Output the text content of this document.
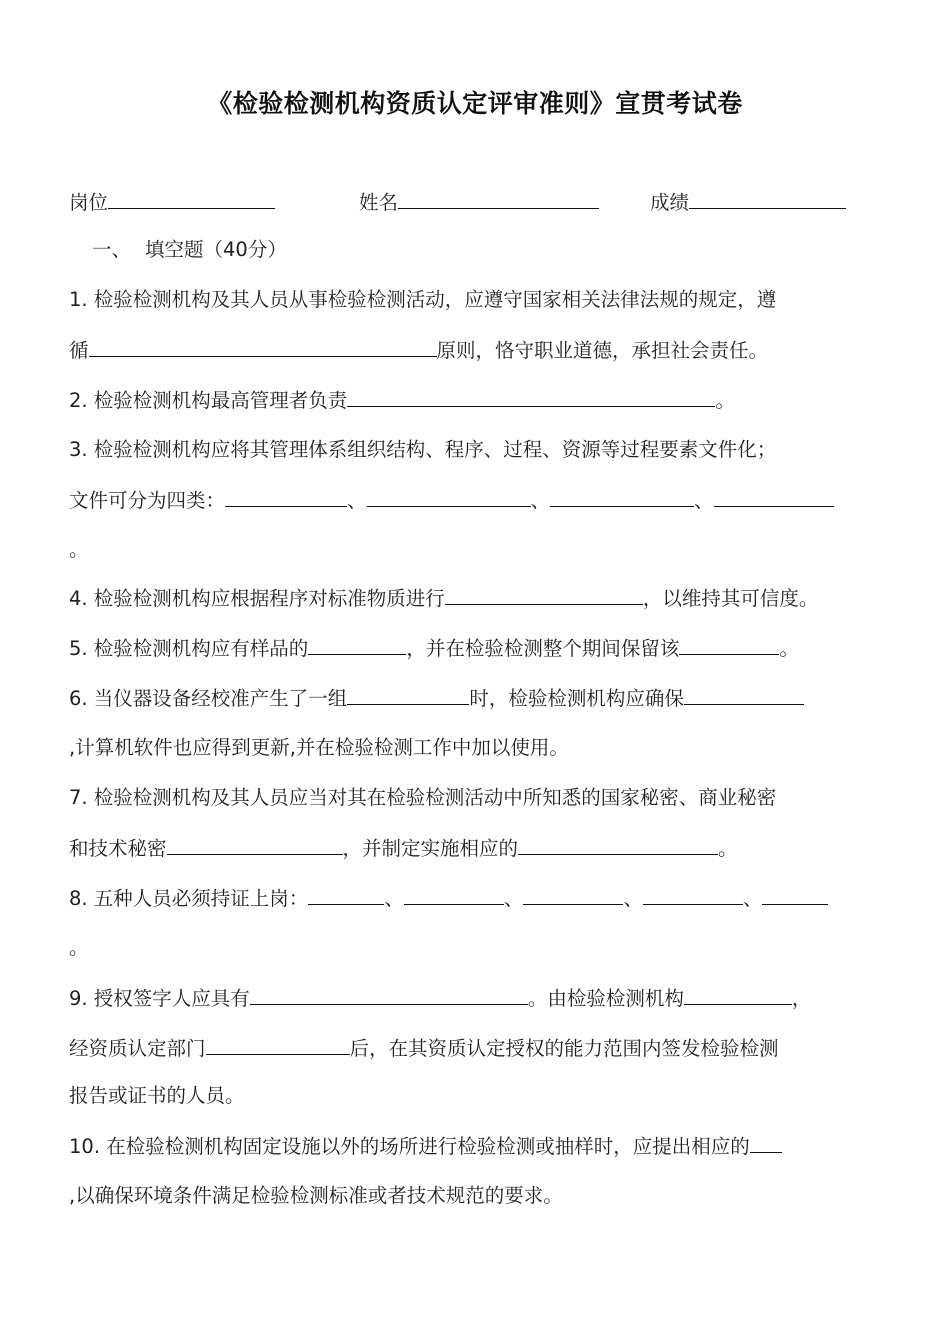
《检验检测机构资质认定评审准则》宣贯考试卷
岗位	姓名	成绩
一、 填空题（40分）
1. 检验检测机构及其人员从事检验检测活动，应遵守国家相关法律法规的规定，遵
循	原则，恪守职业道德，承担社会责任。
2. 检验检测机构最高管理者负责	。
3. 检验检测机构应将其管理体系组织结构、程序、过程、资源等过程要素文件化；
文件可分为四类：	、	、	、
。
4. 检验检测机构应根据程序对标准物质进行	，以维持其可信度。
5. 检验检测机构应有样品的	，并在检验检测整个期间保留该	。
6. 当仪器设备经校准产生了一组	时，检验检测机构应确保
,计算机软件也应得到更新,并在检验检测工作中加以使用。
7. 检验检测机构及其人员应当对其在检验检测活动中所知悉的国家秘密、商业秘密
和技术秘密	，并制定实施相应的	。
8. 五种人员必须持证上岗：	、	、	、	、
。
9. 授权签字人应具有	。由检验检测机构	，
经资质认定部门	后，在其资质认定授权的能力范围内签发检验检测
报告或证书的人员。
10. 在检验检测机构固定设施以外的场所进行检验检测或抽样时，应提出相应的
,以确保环境条件满足检验检测标准或者技术规范的要求。
